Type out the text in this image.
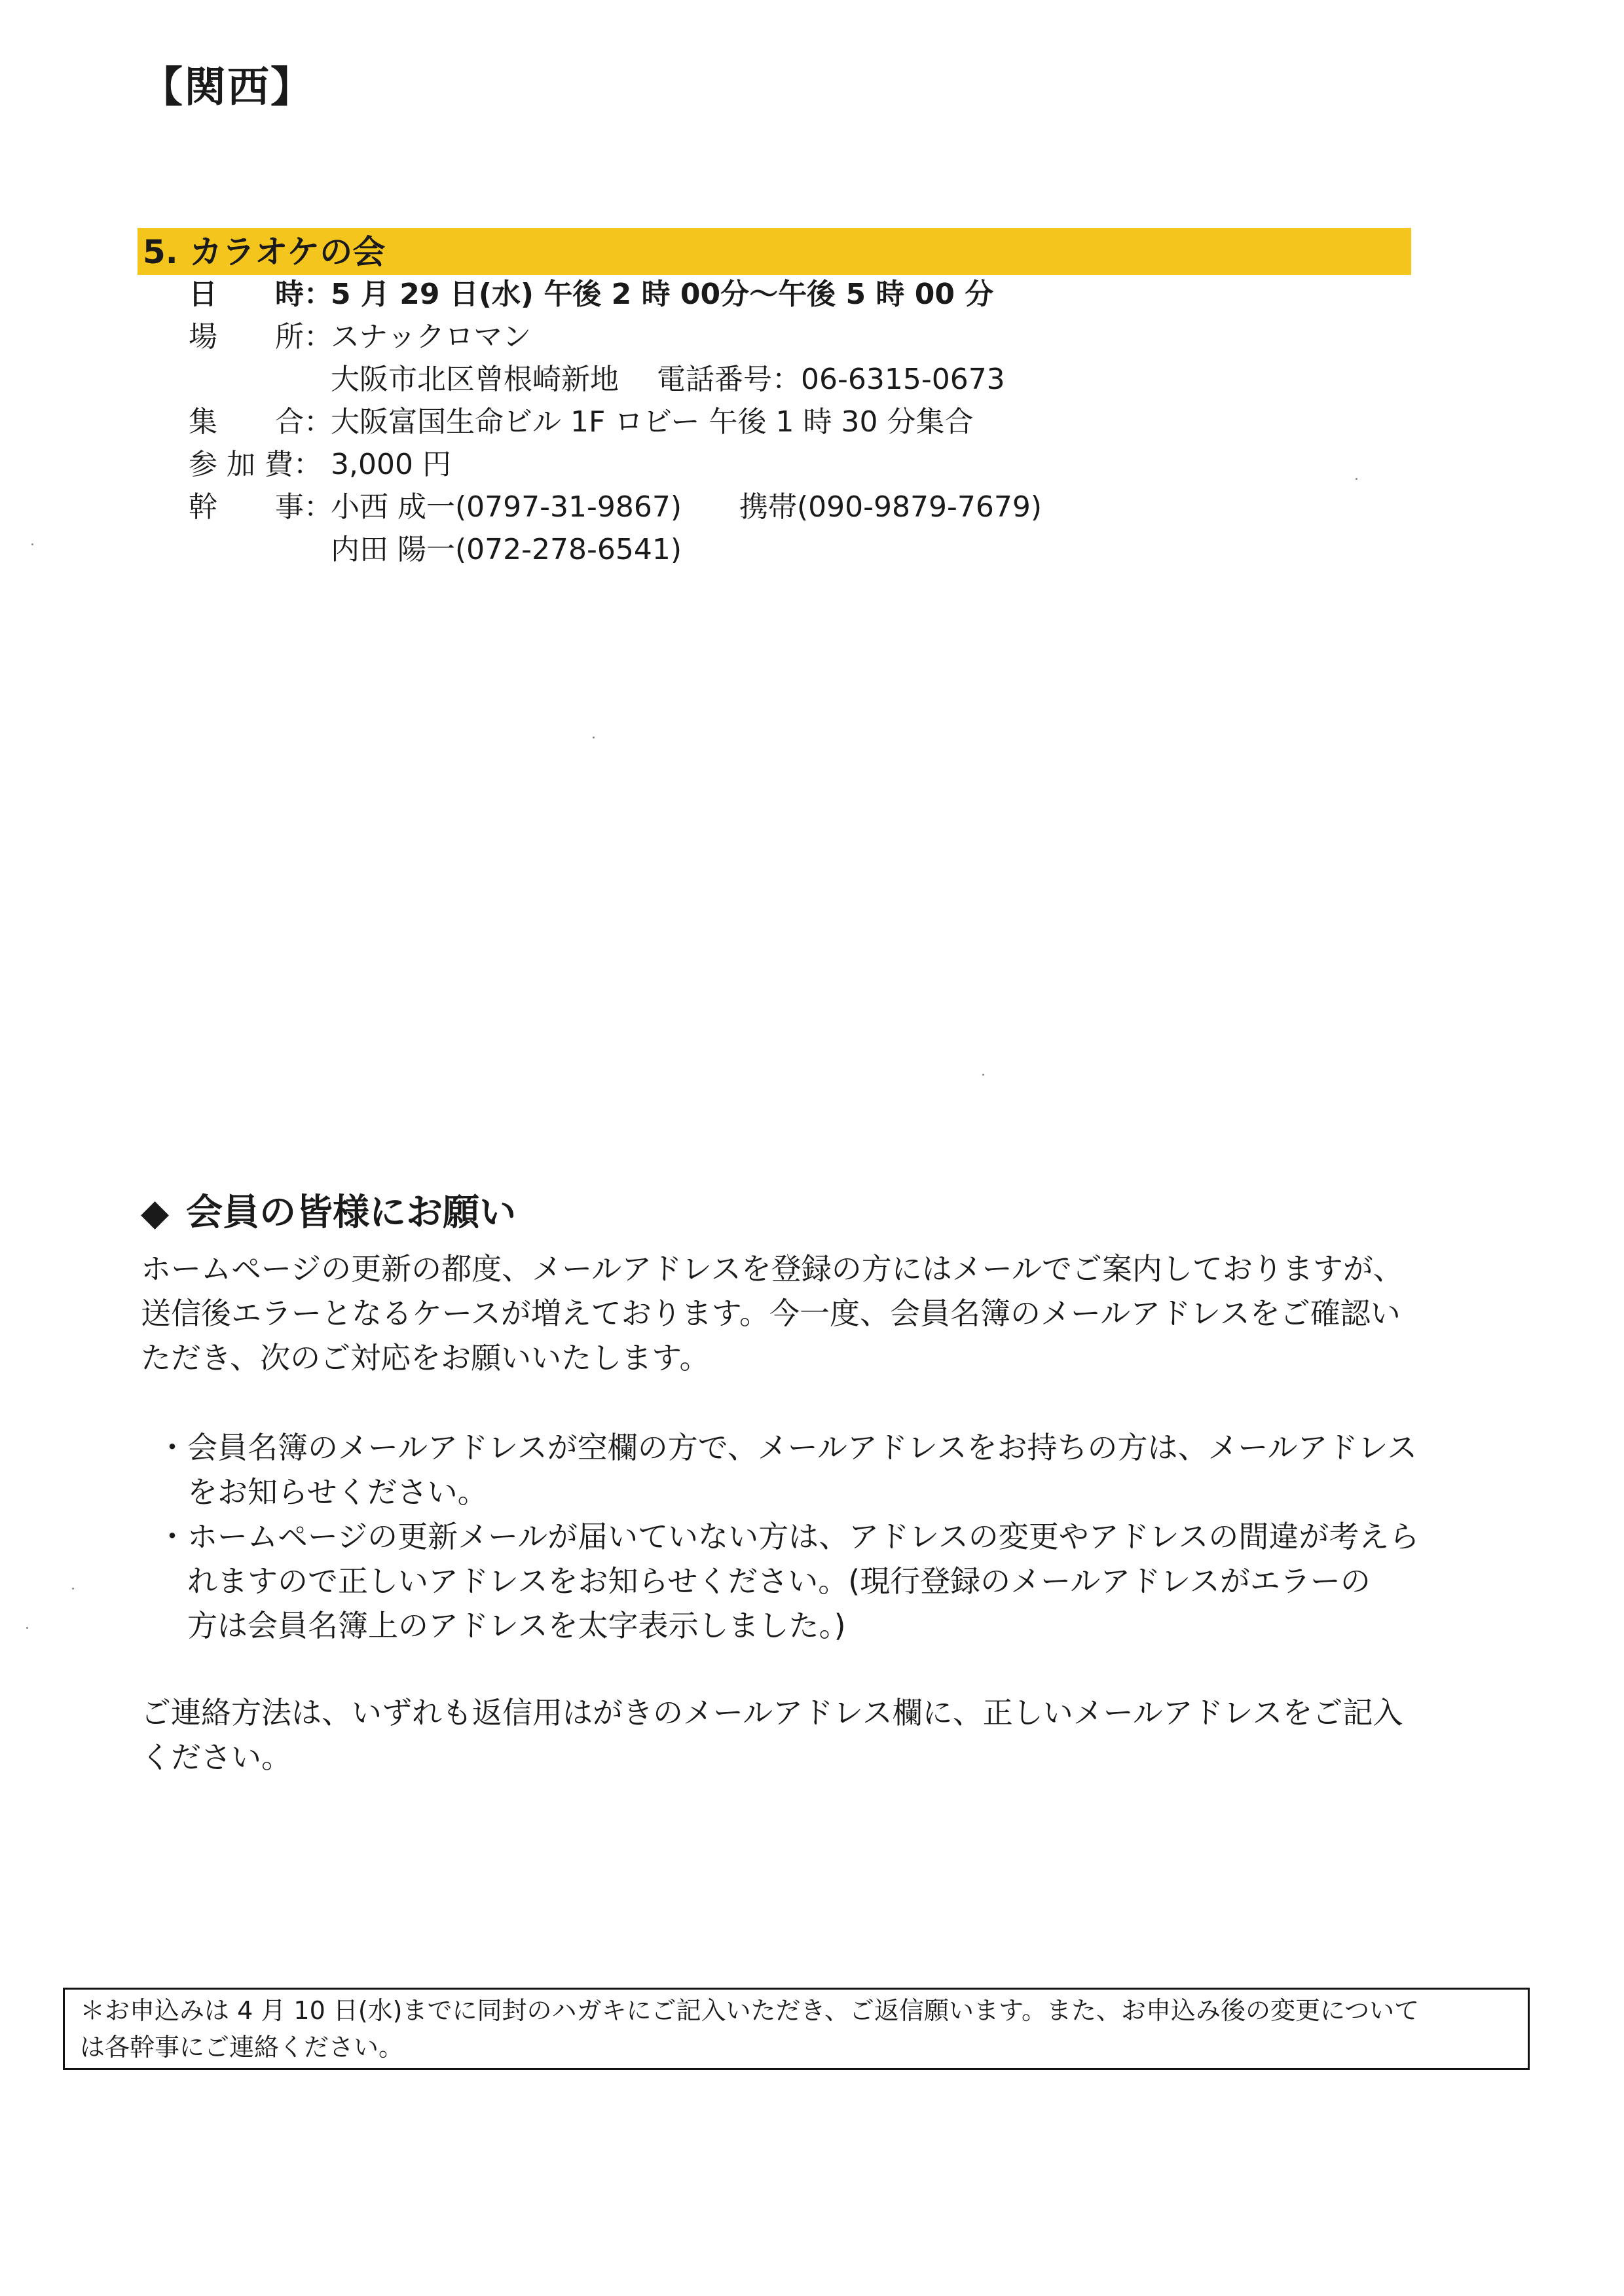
【関西】
5. カラオケの会
日　　時：
5 月 29 日(水) 午後 2 時 00分～午後 5 時 00 分
場　　所：
スナックロマン
大阪市北区曾根崎新地　 電話番号：06-6315-0673
集　　合：
大阪富国生命ビル 1F ロビー 午後 1 時 30 分集合
参 加 費： 3,000 円
幹　　事：
小西 成一(0797-31-9867)　　携帯(090-9879-7679)
内田 陽一(072-278-6541)
◆ 会員の皆様にお願い
ホームページの更新の都度、メールアドレスを登録の方にはメールでご案内しておりますが、
送信後エラーとなるケースが増えております。今一度、会員名簿のメールアドレスをご確認い
ただき、次のご対応をお願いいたします。
・会員名簿のメールアドレスが空欄の方で、メールアドレスをお持ちの方は、メールアドレス
　をお知らせください。
・ホームページの更新メールが届いていない方は、アドレスの変更やアドレスの間違が考えら
　れますので正しいアドレスをお知らせください。(現行登録のメールアドレスがエラーの
　方は会員名簿上のアドレスを太字表示しました。)
ご連絡方法は、いずれも返信用はがきのメールアドレス欄に、正しいメールアドレスをご記入
ください。
＊お申込みは 4 月 10 日(水)までに同封のハガキにご記入いただき、ご返信願います。また、お申込み後の変更について
は各幹事にご連絡ください。
